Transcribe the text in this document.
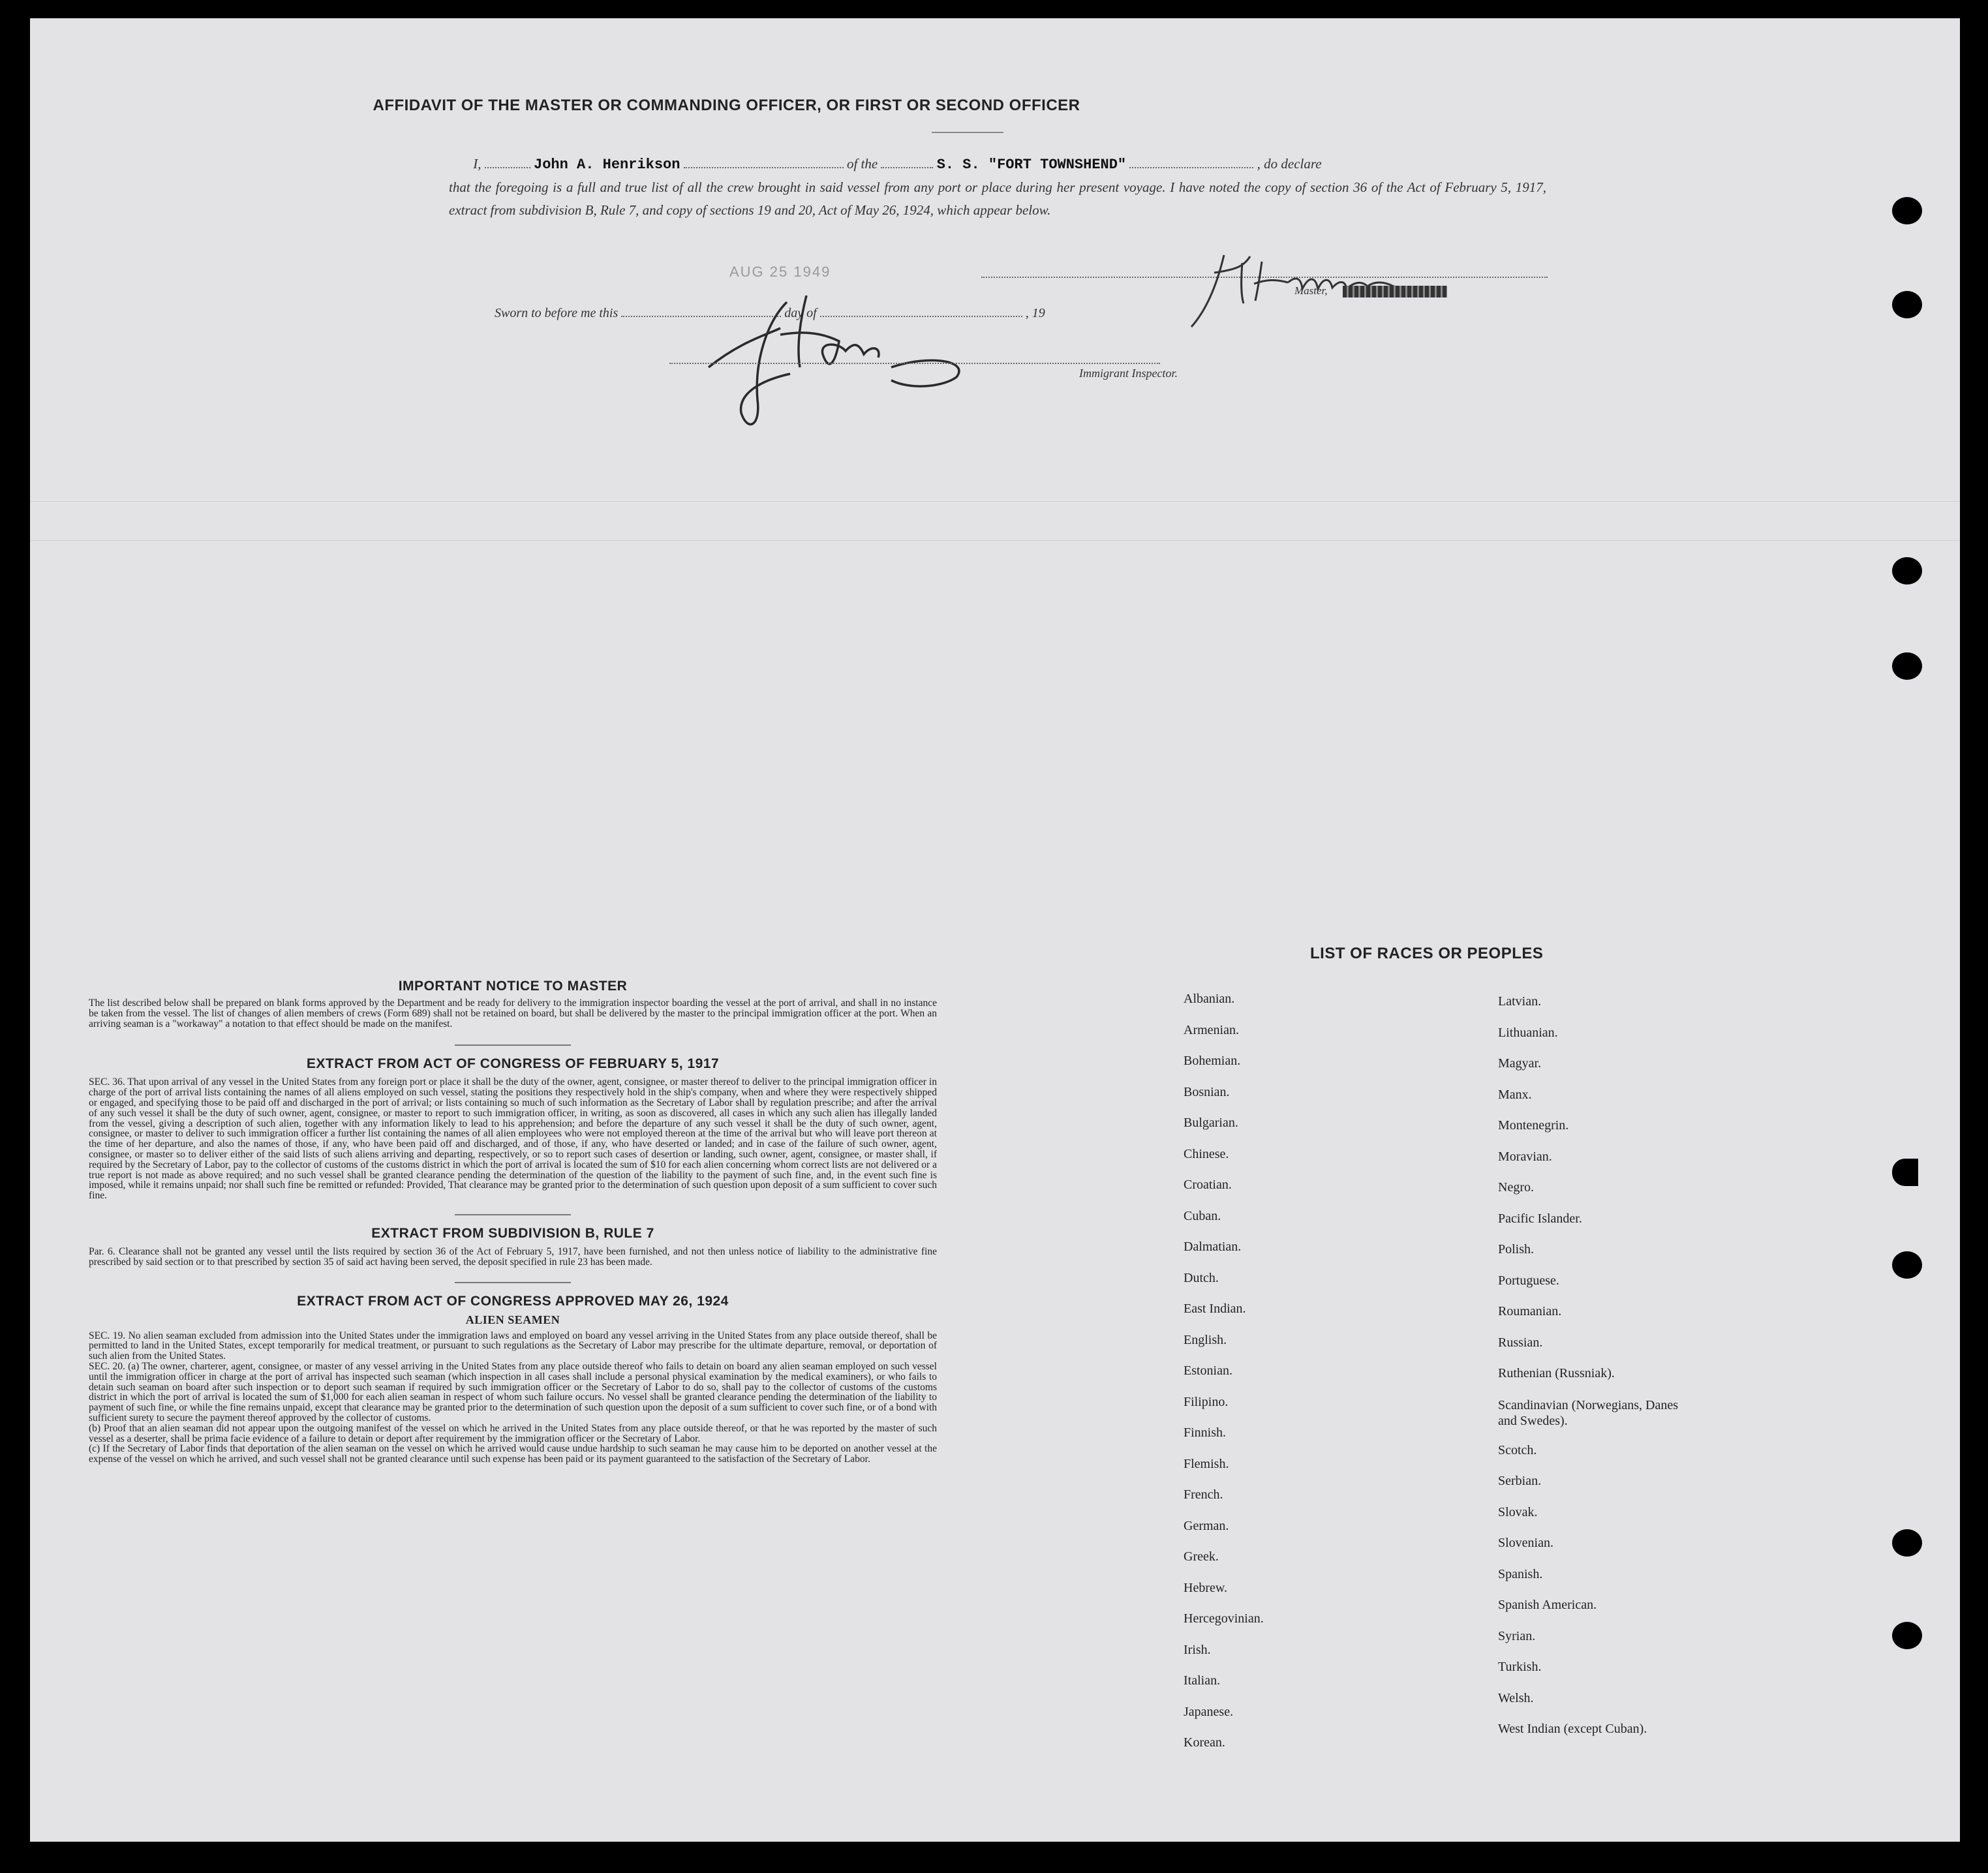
AFFIDAVIT OF THE MASTER OR COMMANDING OFFICER, OR FIRST OR SECOND OFFICER
I,	John A. Henrikson	of the	S. S. "FORT TOWNSHEND"	, do declare
that the foregoing is a full and true list of all the crew brought in said vessel from any port or place during her present voyage. I have noted the copy of section 36 of the Act of February 5, 1917, extract from subdivision B, Rule 7, and copy of sections 19 and 20, Act of May 26, 1924, which appear below.
AUG 25 1949
Master,
Sworn to before me this	day of	, 19
Immigrant Inspector.
IMPORTANT NOTICE TO MASTER
The list described below shall be prepared on blank forms approved by the Department and be ready for delivery to the immigration inspector boarding the vessel at the port of arrival, and shall in no instance be taken from the vessel. The list of changes of alien members of crews (Form 689) shall not be retained on board, but shall be delivered by the master to the principal immigration officer at the port. When an arriving seaman is a "workaway" a notation to that effect should be made on the manifest.
EXTRACT FROM ACT OF CONGRESS OF FEBRUARY 5, 1917
SEC. 36. That upon arrival of any vessel in the United States from any foreign port or place it shall be the duty of the owner, agent, consignee, or master thereof to deliver to the principal immigration officer in charge of the port of arrival lists containing the names of all aliens employed on such vessel, stating the positions they respectively hold in the ship's company, when and where they were respectively shipped or engaged, and specifying those to be paid off and discharged in the port of arrival; or lists containing so much of such information as the Secretary of Labor shall by regulation prescribe; and after the arrival of any such vessel it shall be the duty of such owner, agent, consignee, or master to report to such immigration officer, in writing, as soon as discovered, all cases in which any such alien has illegally landed from the vessel, giving a description of such alien, together with any information likely to lead to his apprehension; and before the departure of any such vessel it shall be the duty of such owner, agent, consignee, or master to deliver to such immigration officer a further list containing the names of all alien employees who were not employed thereon at the time of the arrival but who will leave port thereon at the time of her departure, and also the names of those, if any, who have been paid off and discharged, and of those, if any, who have deserted or landed; and in case of the failure of such owner, agent, consignee, or master so to deliver either of the said lists of such aliens arriving and departing, respectively, or so to report such cases of desertion or landing, such owner, agent, consignee, or master shall, if required by the Secretary of Labor, pay to the collector of customs of the customs district in which the port of arrival is located the sum of $10 for each alien concerning whom correct lists are not delivered or a true report is not made as above required; and no such vessel shall be granted clearance pending the determination of the question of the liability to the payment of such fine, and, in the event such fine is imposed, while it remains unpaid; nor shall such fine be remitted or refunded: Provided, That clearance may be granted prior to the determination of such question upon deposit of a sum sufficient to cover such fine.
EXTRACT FROM SUBDIVISION B, RULE 7
Par. 6. Clearance shall not be granted any vessel until the lists required by section 36 of the Act of February 5, 1917, have been furnished, and not then unless notice of liability to the administrative fine prescribed by said section or to that prescribed by section 35 of said act having been served, the deposit specified in rule 23 has been made.
EXTRACT FROM ACT OF CONGRESS APPROVED MAY 26, 1924
ALIEN SEAMEN
SEC. 19. No alien seaman excluded from admission into the United States under the immigration laws and employed on board any vessel arriving in the United States from any place outside thereof, shall be permitted to land in the United States, except temporarily for medical treatment, or pursuant to such regulations as the Secretary of Labor may prescribe for the ultimate departure, removal, or deportation of such alien from the United States.
SEC. 20. (a) The owner, charterer, agent, consignee, or master of any vessel arriving in the United States from any place outside thereof who fails to detain on board any alien seaman employed on such vessel until the immigration officer in charge at the port of arrival has inspected such seaman (which inspection in all cases shall include a personal physical examination by the medical examiners), or who fails to detain such seaman on board after such inspection or to deport such seaman if required by such immigration officer or the Secretary of Labor to do so, shall pay to the collector of customs of the customs district in which the port of arrival is located the sum of $1,000 for each alien seaman in respect of whom such failure occurs. No vessel shall be granted clearance pending the determination of the liability to payment of such fine, or while the fine remains unpaid, except that clearance may be granted prior to the determination of such question upon the deposit of a sum sufficient to cover such fine, or of a bond with sufficient surety to secure the payment thereof approved by the collector of customs.
(b) Proof that an alien seaman did not appear upon the outgoing manifest of the vessel on which he arrived in the United States from any place outside thereof, or that he was reported by the master of such vessel as a deserter, shall be prima facie evidence of a failure to detain or deport after requirement by the immigration officer or the Secretary of Labor.
(c) If the Secretary of Labor finds that deportation of the alien seaman on the vessel on which he arrived would cause undue hardship to such seaman he may cause him to be deported on another vessel at the expense of the vessel on which he arrived, and such vessel shall not be granted clearance until such expense has been paid or its payment guaranteed to the satisfaction of the Secretary of Labor.
LIST OF RACES OR PEOPLES
Albanian.
Armenian.
Bohemian.
Bosnian.
Bulgarian.
Chinese.
Croatian.
Cuban.
Dalmatian.
Dutch.
East Indian.
English.
Estonian.
Filipino.
Finnish.
Flemish.
French.
German.
Greek.
Hebrew.
Hercegovinian.
Irish.
Italian.
Japanese.
Korean.
Latvian.
Lithuanian.
Magyar.
Manx.
Montenegrin.
Moravian.
Negro.
Pacific Islander.
Polish.
Portuguese.
Roumanian.
Russian.
Ruthenian (Russniak).
Scandinavian (Norwegians, Danes and Swedes).
Scotch.
Serbian.
Slovak.
Slovenian.
Spanish.
Spanish American.
Syrian.
Turkish.
Welsh.
West Indian (except Cuban).
